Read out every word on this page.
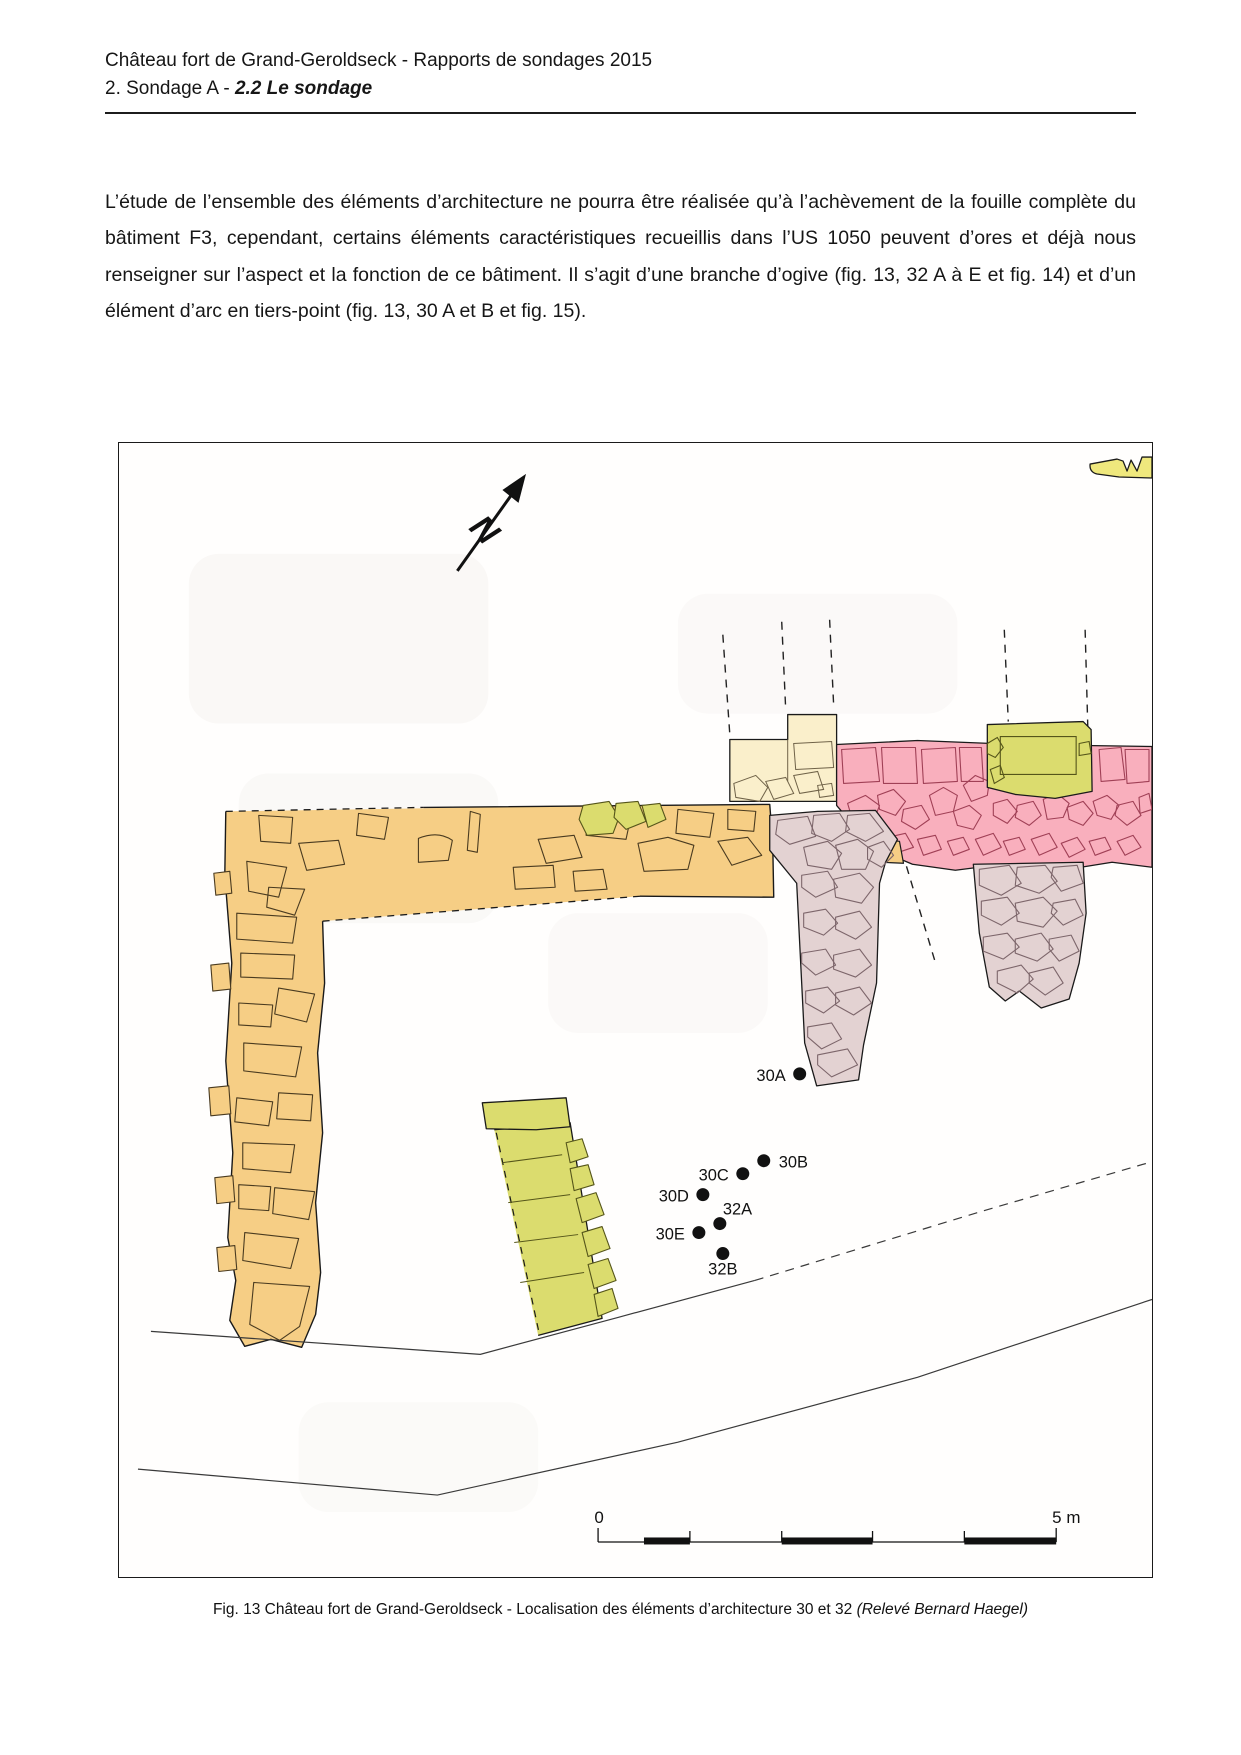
Château fort de Grand-Geroldseck - Rapports de sondages 2015
2. Sondage A - 2.2 Le sondage
L’étude de l’ensemble des éléments d’architecture ne pourra être réalisée qu’à l’achèvement de la fouille complète du bâtiment F3, cependant, certains éléments caractéristiques recueillis dans l’US 1050 peuvent d’ores et déjà nous renseigner sur l’aspect et la fonction de ce bâtiment. Il s’agit d’une branche d’ogive (fig. 13, 32 A à E et fig. 14) et d’un élément d’arc en tiers-point (fig. 13, 30 A et B et fig. 15).
N
30A
30B
30C
30D
32A
30E
32B
0	5 m
Fig. 13 Château fort de Grand-Geroldseck - Localisation des éléments d’architecture 30 et 32 (Relevé Bernard Haegel)
